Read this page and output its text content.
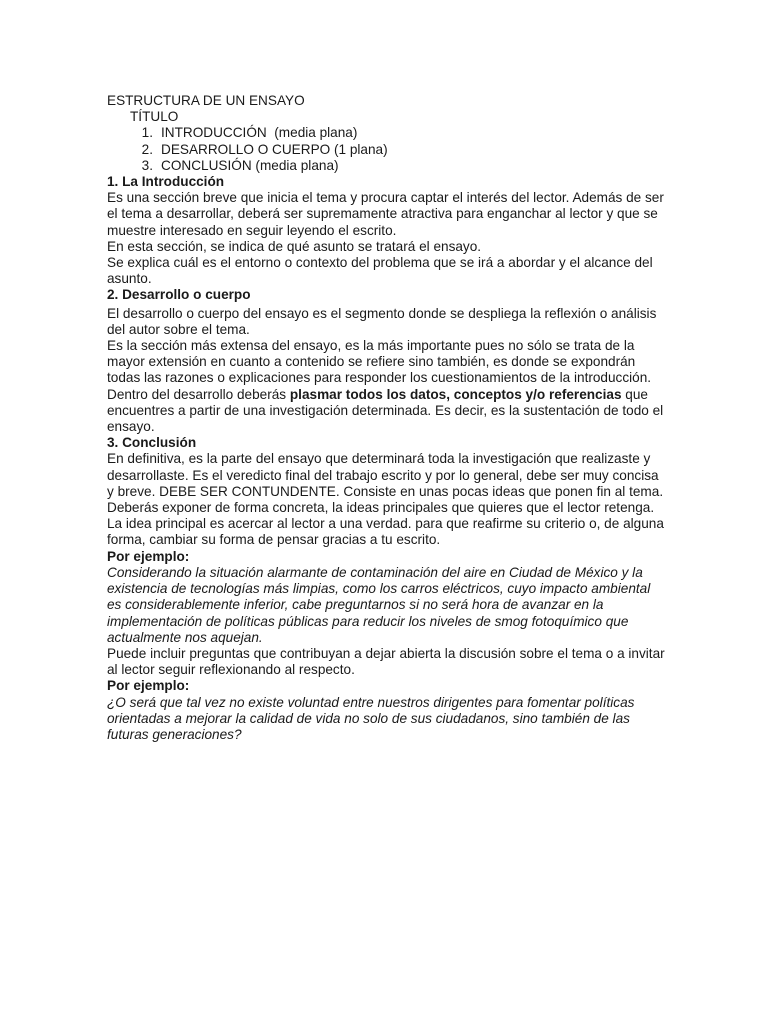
ESTRUCTURA DE UN ENSAYO

TÍTULO
1. INTRODUCCIÓN  (media plana)
2. DESARROLLO O CUERPO (1 plana)
3. CONCLUSIÓN (media plana)

1. La Introducción

Es una sección breve que inicia el tema y procura captar el interés del lector. Además de ser el tema a desarrollar, deberá ser supremamente atractiva para enganchar al lector y que se muestre interesado en seguir leyendo el escrito.

En esta sección, se indica de qué asunto se tratará el ensayo.

Se explica cuál es el entorno o contexto del problema que se irá a abordar y el alcance del asunto.

2. Desarrollo o cuerpo

El desarrollo o cuerpo del ensayo es el segmento donde se despliega la reflexión o análisis del autor sobre el tema.

Es la sección más extensa del ensayo, es la más importante pues no sólo se trata de la mayor extensión en cuanto a contenido se refiere sino también, es donde se expondrán todas las razones o explicaciones para responder los cuestionamientos de la introducción.

Dentro del desarrollo deberás plasmar todos los datos, conceptos y/o referencias que encuentres a partir de una investigación determinada. Es decir, es la sustentación de todo el ensayo.

3. Conclusión

En definitiva, es la parte del ensayo que determinará toda la investigación que realizaste y desarrollaste. Es el veredicto final del trabajo escrito y por lo general, debe ser muy concisa y breve. DEBE SER CONTUNDENTE. Consiste en unas pocas ideas que ponen fin al tema. Deberás exponer de forma concreta, la ideas principales que quieres que el lector retenga. La idea principal es acercar al lector a una verdad. para que reafirme su criterio o, de alguna forma, cambiar su forma de pensar gracias a tu escrito.

Por ejemplo:

Considerando la situación alarmante de contaminación del aire en Ciudad de México y la existencia de tecnologías más limpias, como los carros eléctricos, cuyo impacto ambiental es considerablemente inferior, cabe preguntarnos si no será hora de avanzar en la implementación de políticas públicas para reducir los niveles de smog fotoquímico que actualmente nos aquejan.

Puede incluir preguntas que contribuyan a dejar abierta la discusión sobre el tema o a invitar al lector seguir reflexionando al respecto.

Por ejemplo:

¿O será que tal vez no existe voluntad entre nuestros dirigentes para fomentar políticas orientadas a mejorar la calidad de vida no solo de sus ciudadanos, sino también de las futuras generaciones?
